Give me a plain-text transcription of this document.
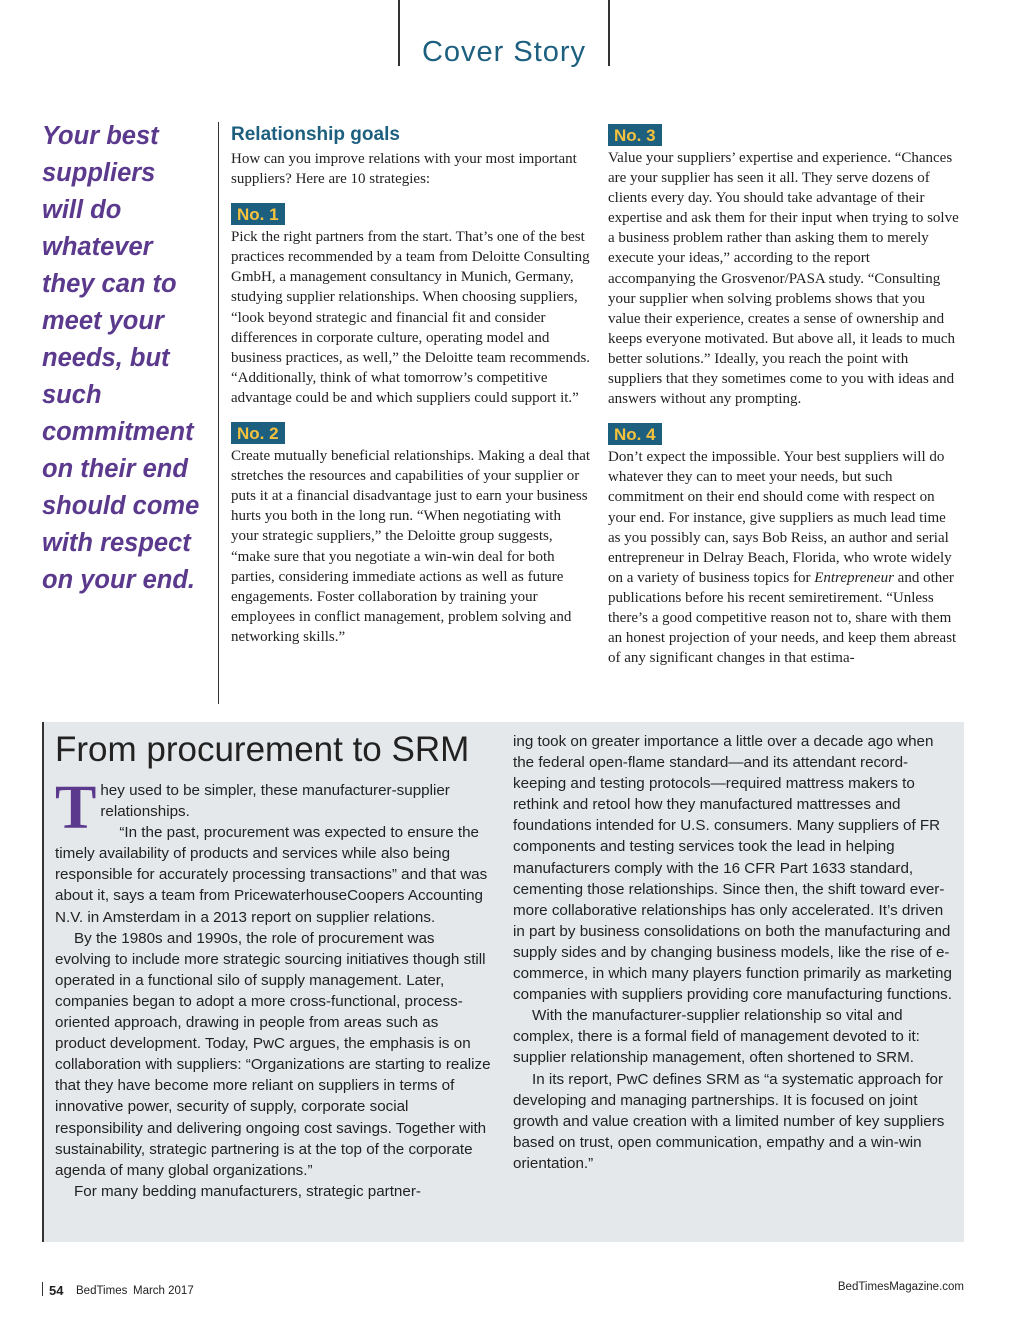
Cover Story
Your best suppliers will do whatever they can to meet your needs, but such commitment on their end should come with respect on your end.
Relationship goals

How can you improve relations with your most important suppliers? Here are 10 strategies:

No. 1

Pick the right partners from the start. That’s one of the best practices recommended by a team from Deloitte Consulting GmbH, a management consultancy in Munich, Germany, studying supplier relationships. When choosing suppliers, “look beyond strategic and financial fit and consider differences in corporate culture, operating model and business practices, as well,” the Deloitte team recommends. “Additionally, think of what tomorrow’s competitive advantage could be and which suppliers could support it.”

No. 2

Create mutually beneficial relationships. Making a deal that stretches the resources and capabilities of your supplier or puts it at a financial disadvantage just to earn your business hurts you both in the long run. “When negotiating with your strategic suppliers,” the Deloitte group suggests, “make sure that you negotiate a win-win deal for both parties, considering immediate actions as well as future engagements. Foster collaboration by training your employees in conflict management, problem solving and networking skills.”

No. 3

Value your suppliers’ expertise and experience. “Chances are your supplier has seen it all. They serve dozens of clients every day. You should take advantage of their expertise and ask them for their input when trying to solve a business problem rather than asking them to merely execute your ideas,” according to the report accompanying the Grosvenor/PASA study. “Consulting your supplier when solving problems shows that you value their experience, creates a sense of ownership and keeps everyone motivated. But above all, it leads to much better solutions.” Ideally, you reach the point with suppliers that they sometimes come to you with ideas and answers without any prompting.

No. 4

Don’t expect the impossible. Your best suppliers will do whatever they can to meet your needs, but such commitment on their end should come with respect on your end. For instance, give suppliers as much lead time as you possibly can, says Bob Reiss, an author and serial entrepreneur in Delray Beach, Florida, who wrote widely on a variety of business topics for Entrepreneur and other publications before his recent semiretirement. “Unless there’s a good competitive reason not to, share with them an honest projection of your needs, and keep them abreast of any significant changes in that estima-

From procurement to SRM

They used to be simpler, these manufacturer-supplier relationships.

“In the past, procurement was expected to ensure the timely availability of products and services while also being responsible for accurately processing transactions” and that was about it, says a team from PricewaterhouseCoopers Accounting N.V. in Amsterdam in a 2013 report on supplier relations.

By the 1980s and 1990s, the role of procurement was evolving to include more strategic sourcing initiatives though still operated in a functional silo of supply management. Later, companies began to adopt a more cross-functional, process-oriented approach, drawing in people from areas such as product development. Today, PwC argues, the emphasis is on collaboration with suppliers: “Organizations are starting to realize that they have become more reliant on suppliers in terms of innovative power, security of supply, corporate social responsibility and delivering ongoing cost savings. Together with sustainability, strategic partnering is at the top of the corporate agenda of many global organizations.”

For many bedding manufacturers, strategic partner-

ing took on greater importance a little over a decade ago when the federal open-flame standard—and its attendant record-keeping and testing protocols—required mattress makers to rethink and retool how they manufactured mattresses and foundations intended for U.S. consumers. Many suppliers of FR components and testing services took the lead in helping manufacturers comply with the 16 CFR Part 1633 standard, cementing those relationships. Since then, the shift toward ever-more collaborative relationships has only accelerated. It’s driven in part by business consolidations on both the manufacturing and supply sides and by changing business models, like the rise of e-commerce, in which many players function primarily as marketing companies with suppliers providing core manufacturing functions.

With the manufacturer-supplier relationship so vital and complex, there is a formal field of management devoted to it: supplier relationship management, often shortened to SRM.

In its report, PwC defines SRM as “a systematic approach for developing and managing partnerships. It is focused on joint growth and value creation with a limited number of key suppliers based on trust, open communication, empathy and a win-win orientation.”

54 BedTimes March 2017	BedTimesMagazine.com
